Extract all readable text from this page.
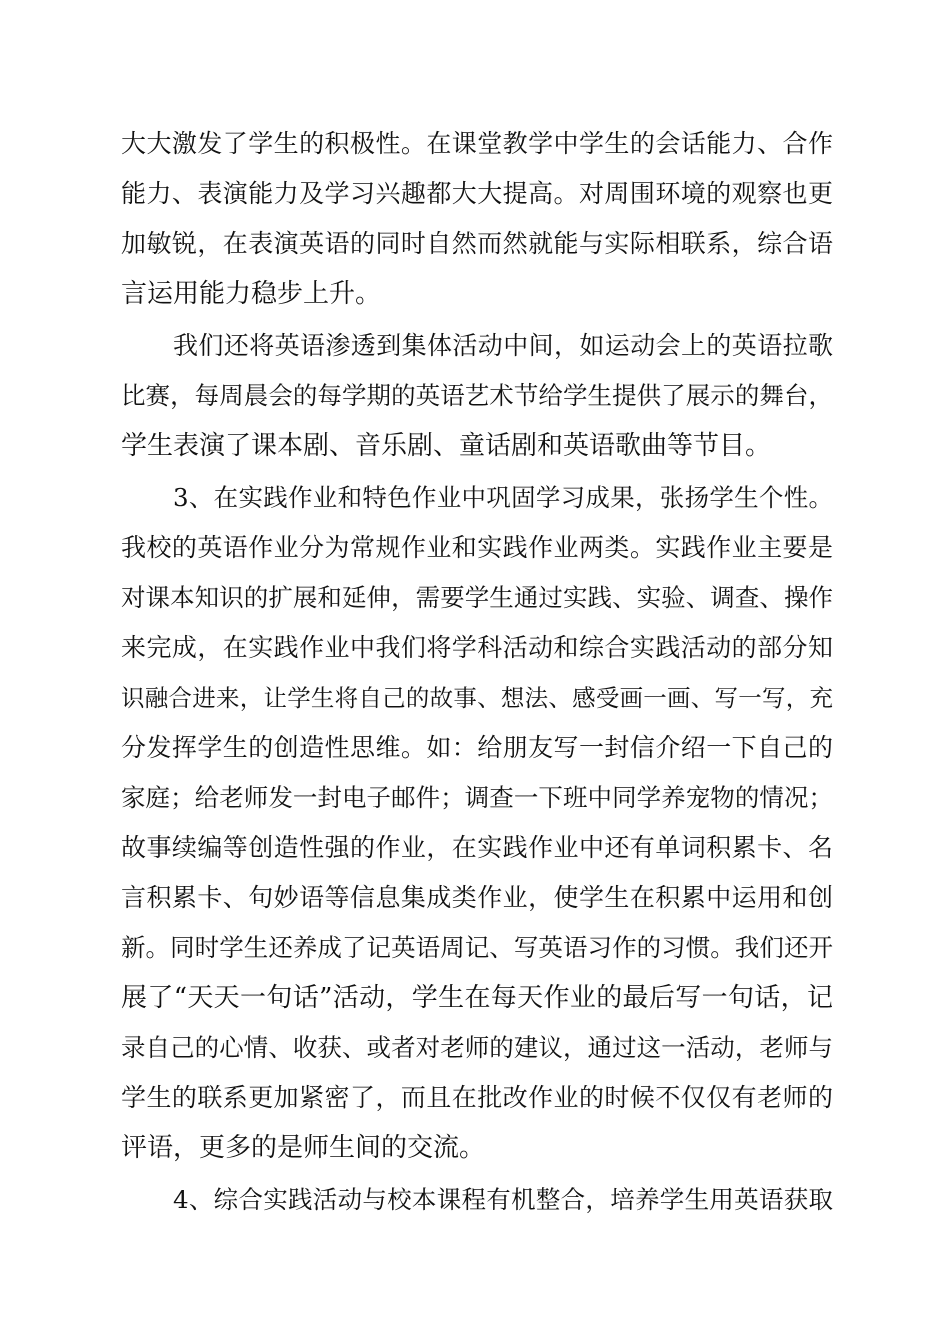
大大激发了学生的积极性。在课堂教学中学生的会话能力、合作
能力、表演能力及学习兴趣都大大提高。对周围环境的观察也更
加敏锐，在表演英语的同时自然而然就能与实际相联系，综合语
言运用能力稳步上升。
我们还将英语渗透到集体活动中间，如运动会上的英语拉歌
比赛，每周晨会的每学期的英语艺术节给学生提供了展示的舞台，
学生表演了课本剧、音乐剧、童话剧和英语歌曲等节目。
3、在实践作业和特色作业中巩固学习成果，张扬学生个性。
我校的英语作业分为常规作业和实践作业两类。实践作业主要是
对课本知识的扩展和延伸，需要学生通过实践、实验、调查、操作
来完成，在实践作业中我们将学科活动和综合实践活动的部分知
识融合进来，让学生将自己的故事、想法、感受画一画、写一写，充
分发挥学生的创造性思维。如：给朋友写一封信介绍一下自己的
家庭；给老师发一封电子邮件；调查一下班中同学养宠物的情况；
故事续编等创造性强的作业，在实践作业中还有单词积累卡、名
言积累卡、句妙语等信息集成类作业，使学生在积累中运用和创
新。同时学生还养成了记英语周记、写英语习作的习惯。我们还开
展了“天天一句话”活动，学生在每天作业的最后写一句话，记
录自己的心情、收获、或者对老师的建议，通过这一活动，老师与
学生的联系更加紧密了，而且在批改作业的时候不仅仅有老师的
评语，更多的是师生间的交流。
4、综合实践活动与校本课程有机整合，培养学生用英语获取
